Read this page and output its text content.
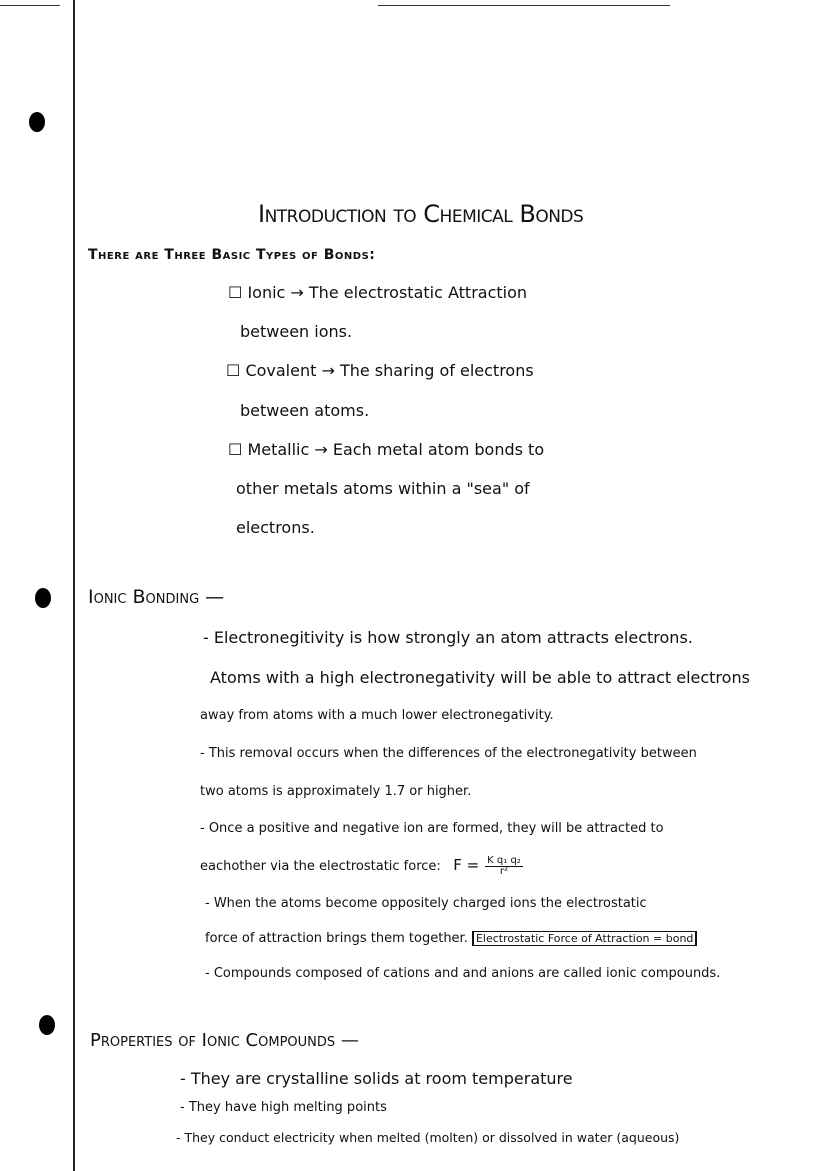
Introduction to Chemical Bonds
There are Three Basic Types of Bonds:
☐ Ionic → The electrostatic Attraction
between ions.
☐ Covalent → The sharing of electrons
between atoms.
☐ Metallic → Each metal atom bonds to
other metals atoms within a "sea" of
electrons.
Ionic Bonding —
- Electronegitivity is how strongly an atom attracts electrons.
Atoms with a high electronegativity will be able to attract electrons
away from atoms with a much lower electronegativity.
- This removal occurs when the differences of the electronegativity between
two atoms is approximately 1.7 or higher.
- Once a positive and negative ion are formed, they will be attracted to
eachother via the electrostatic force: $F = \frac{\text{K q₁ q₂}}{\text{r²}}$
- When the atoms become oppositely charged ions the electrostatic
force of attraction brings them together. Electrostatic Force of Attraction = bond
- Compounds composed of cations and and anions are called ionic compounds.
Properties of Ionic Compounds —
- They are crystalline solids at room temperature
- They have high melting points
- They conduct electricity when melted (molten) or dissolved in water (aqueous)
